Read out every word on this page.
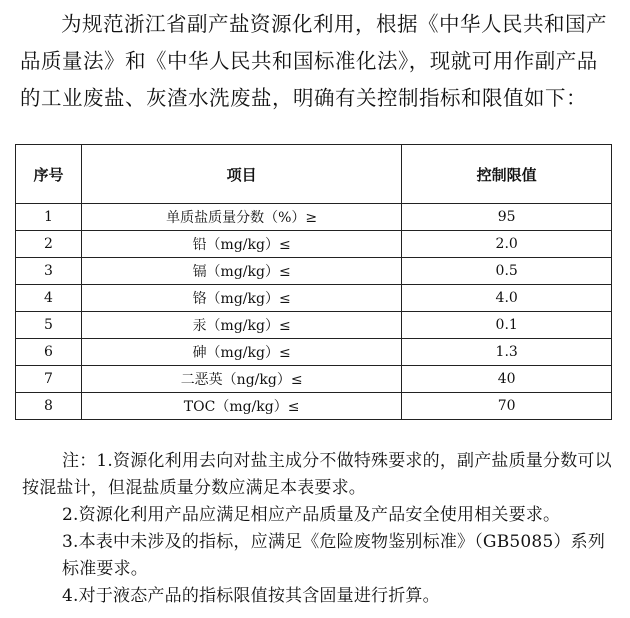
为规范浙江省副产盐资源化利用，根据《中华人民共和国产品质量法》和《中华人民共和国标准化法》，现就可用作副产品的工业废盐、灰渣水洗废盐，明确有关控制指标和限值如下：

序号	项目	控制限值
1	单质盐质量分数（%）≥	95
2	铅（mg/kg）≤	2.0
3	镉（mg/kg）≤	0.5
4	铬（mg/kg）≤	4.0
5	汞（mg/kg）≤	0.1
6	砷（mg/kg）≤	1.3
7	二恶英（ng/kg）≤	40
8	TOC（mg/kg）≤	70

注：1.资源化利用去向对盐主成分不做特殊要求的，副产盐质量分数可以按混盐计，但混盐质量分数应满足本表要求。

2.资源化利用产品应满足相应产品质量及产品安全使用相关要求。

3.本表中未涉及的指标，应满足《危险废物鉴别标准》（GB5085）系列标准要求。

4.对于液态产品的指标限值按其含固量进行折算。
